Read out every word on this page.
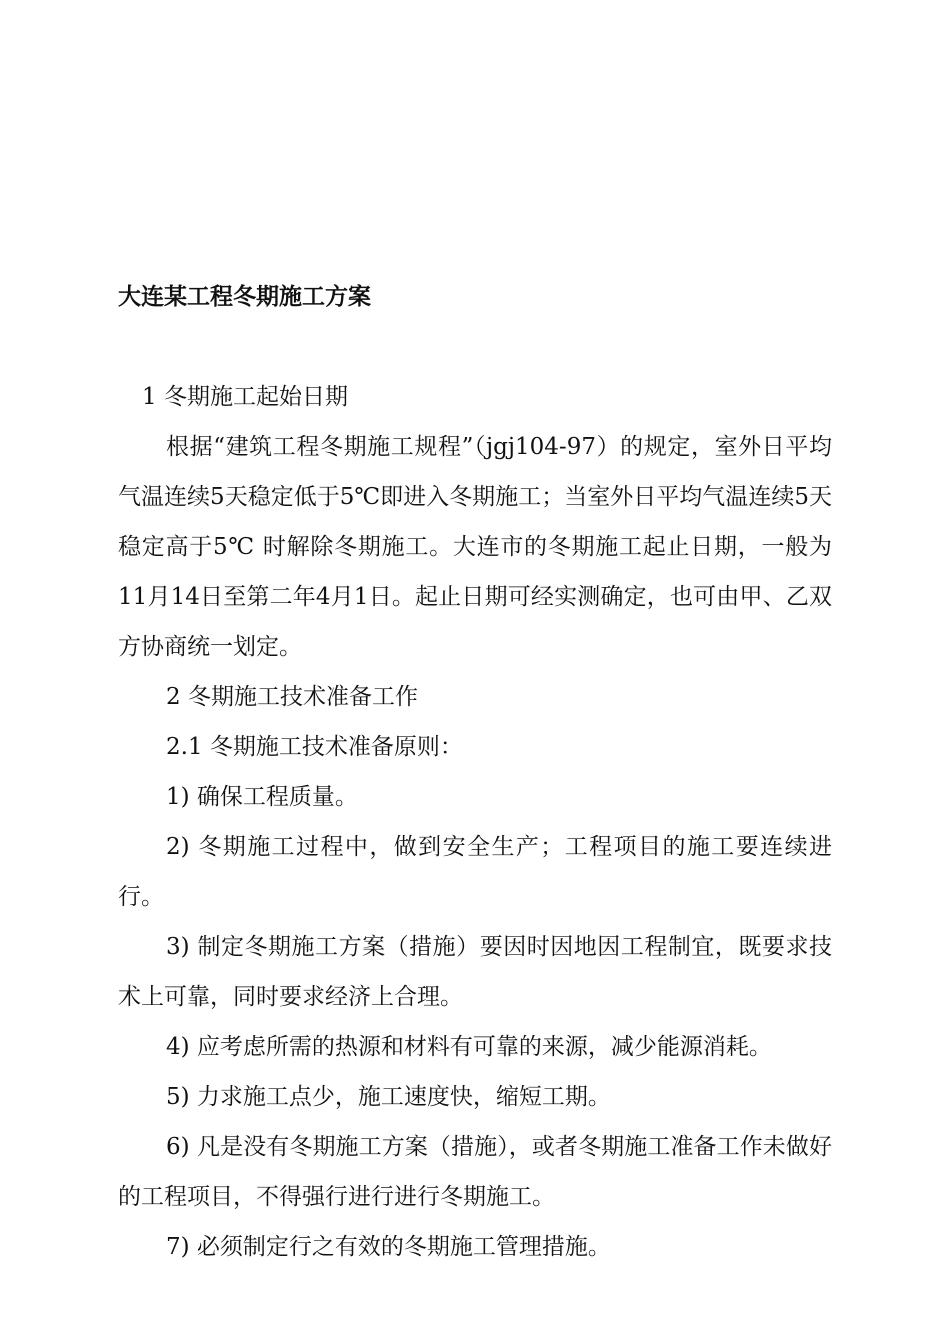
大连某工程冬期施工方案

1 冬期施工起始日期

根据“建筑工程冬期施工规程”（jgj104-97）的规定，室外日平均气温连续5天稳定低于5℃即进入冬期施工；当室外日平均气温连续5天稳定高于5℃ 时解除冬期施工。大连市的冬期施工起止日期，一般为11月14日至第二年4月1日。起止日期可经实测确定，也可由甲、乙双方协商统一划定。

2 冬期施工技术准备工作

2.1 冬期施工技术准备原则：

1) 确保工程质量。

2) 冬期施工过程中，做到安全生产；工程项目的施工要连续进行。

3) 制定冬期施工方案（措施）要因时因地因工程制宜，既要求技术上可靠，同时要求经济上合理。

4) 应考虑所需的热源和材料有可靠的来源，减少能源消耗。

5) 力求施工点少，施工速度快，缩短工期。

6) 凡是没有冬期施工方案（措施），或者冬期施工准备工作未做好的工程项目，不得强行进行进行冬期施工。

7) 必须制定行之有效的冬期施工管理措施。
